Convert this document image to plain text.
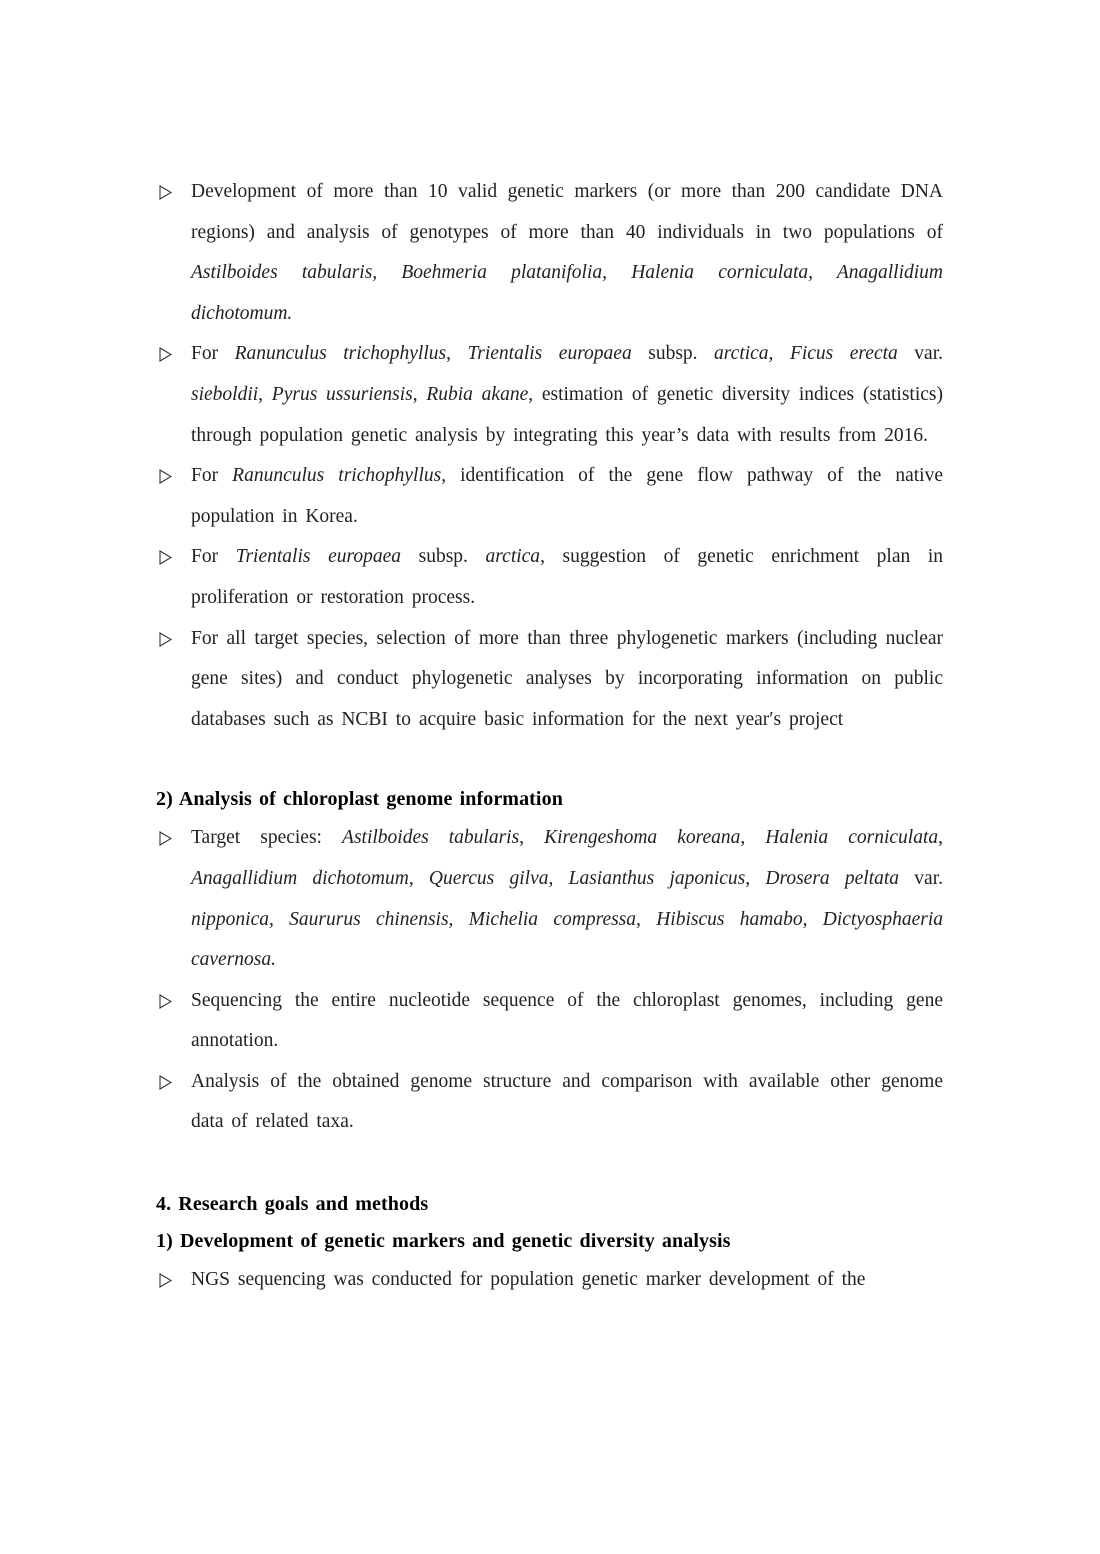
Development of more than 10 valid genetic markers (or more than 200 candidate DNA regions) and analysis of genotypes of more than 40 individuals in two populations of Astilboides tabularis, Boehmeria platanifolia, Halenia corniculata, Anagallidium dichotomum.
For Ranunculus trichophyllus, Trientalis europaea subsp. arctica, Ficus erecta var. sieboldii, Pyrus ussuriensis, Rubia akane, estimation of genetic diversity indices (statistics) through population genetic analysis by integrating this year’s data with results from 2016.
For Ranunculus trichophyllus, identification of the gene flow pathway of the native population in Korea.
For Trientalis europaea subsp. arctica, suggestion of genetic enrichment plan in proliferation or restoration process.
For all target species, selection of more than three phylogenetic markers (including nuclear gene sites) and conduct phylogenetic analyses by incorporating information on public databases such as NCBI to acquire basic information for the next year′s project
2) Analysis of chloroplast genome information
Target species: Astilboides tabularis, Kirengeshoma koreana, Halenia corniculata, Anagallidium dichotomum, Quercus gilva, Lasianthus japonicus, Drosera peltata var. nipponica, Saururus chinensis, Michelia compressa, Hibiscus hamabo, Dictyosphaeria cavernosa.
Sequencing the entire nucleotide sequence of the chloroplast genomes, including gene annotation.
Analysis of the obtained genome structure and comparison with available other genome data of related taxa.
4. Research goals and methods
1) Development of genetic markers and genetic diversity analysis
NGS sequencing was conducted for population genetic marker development of the
